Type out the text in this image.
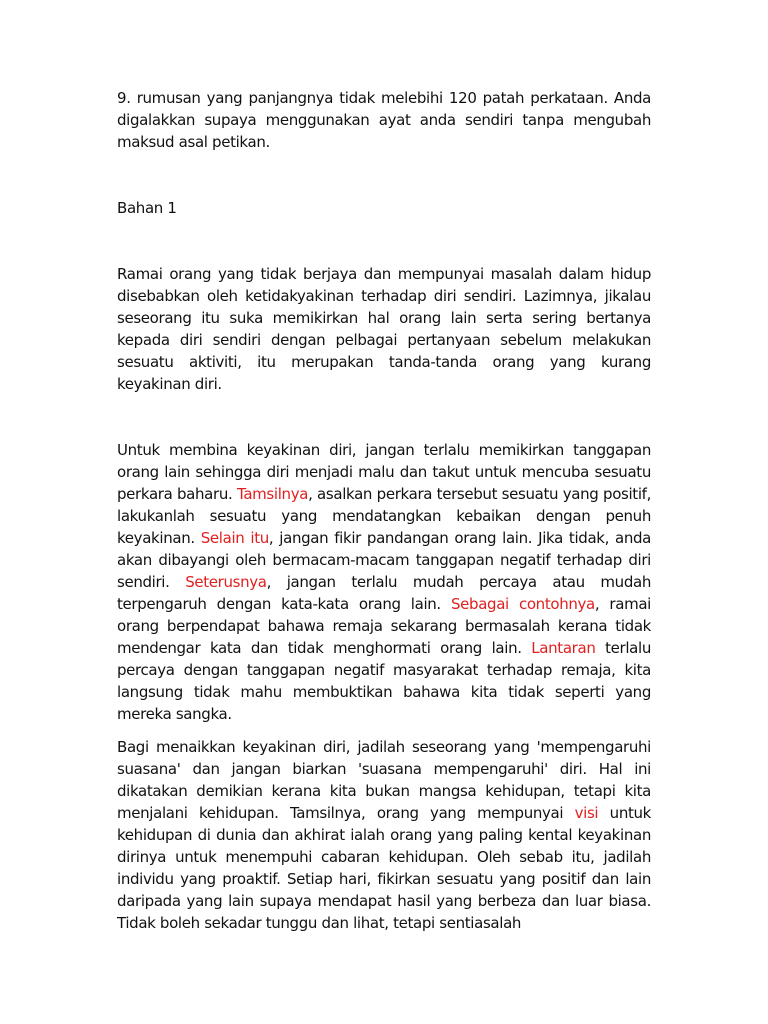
9. rumusan yang panjangnya tidak melebihi 120 patah perkataan. Anda digalakkan supaya menggunakan ayat anda sendiri tanpa mengubah maksud asal petikan.

Bahan 1

Ramai orang yang tidak berjaya dan mempunyai masalah dalam hidup disebabkan oleh ketidakyakinan terhadap diri sendiri. Lazimnya, jikalau seseorang itu suka memikirkan hal orang lain serta sering bertanya kepada diri sendiri dengan pelbagai pertanyaan sebelum melakukan sesuatu aktiviti, itu merupakan tanda-tanda orang yang kurang keyakinan diri.

Untuk membina keyakinan diri, jangan terlalu memikirkan tanggapan orang lain sehingga diri menjadi malu dan takut untuk mencuba sesuatu perkara baharu. Tamsilnya, asalkan perkara tersebut sesuatu yang positif, lakukanlah sesuatu yang mendatangkan kebaikan dengan penuh keyakinan. Selain itu, jangan fikir pandangan orang lain. Jika tidak, anda akan dibayangi oleh bermacam-macam tanggapan negatif terhadap diri sendiri. Seterusnya, jangan terlalu mudah percaya atau mudah terpengaruh dengan kata-kata orang lain. Sebagai contohnya, ramai orang berpendapat bahawa remaja sekarang bermasalah kerana tidak mendengar kata dan tidak menghormati orang lain. Lantaran terlalu percaya dengan tanggapan negatif masyarakat terhadap remaja, kita langsung tidak mahu membuktikan bahawa kita tidak seperti yang mereka sangka.

Bagi menaikkan keyakinan diri, jadilah seseorang yang 'mempengaruhi suasana' dan jangan biarkan 'suasana mempengaruhi' diri. Hal ini dikatakan demikian kerana kita bukan mangsa kehidupan, tetapi kita menjalani kehidupan. Tamsilnya, orang yang mempunyai visi untuk kehidupan di dunia dan akhirat ialah orang yang paling kental keyakinan dirinya untuk menempuhi cabaran kehidupan. Oleh sebab itu, jadilah individu yang proaktif. Setiap hari, fikirkan sesuatu yang positif dan lain daripada yang lain supaya mendapat hasil yang berbeza dan luar biasa. Tidak boleh sekadar tunggu dan lihat, tetapi sentiasalah
